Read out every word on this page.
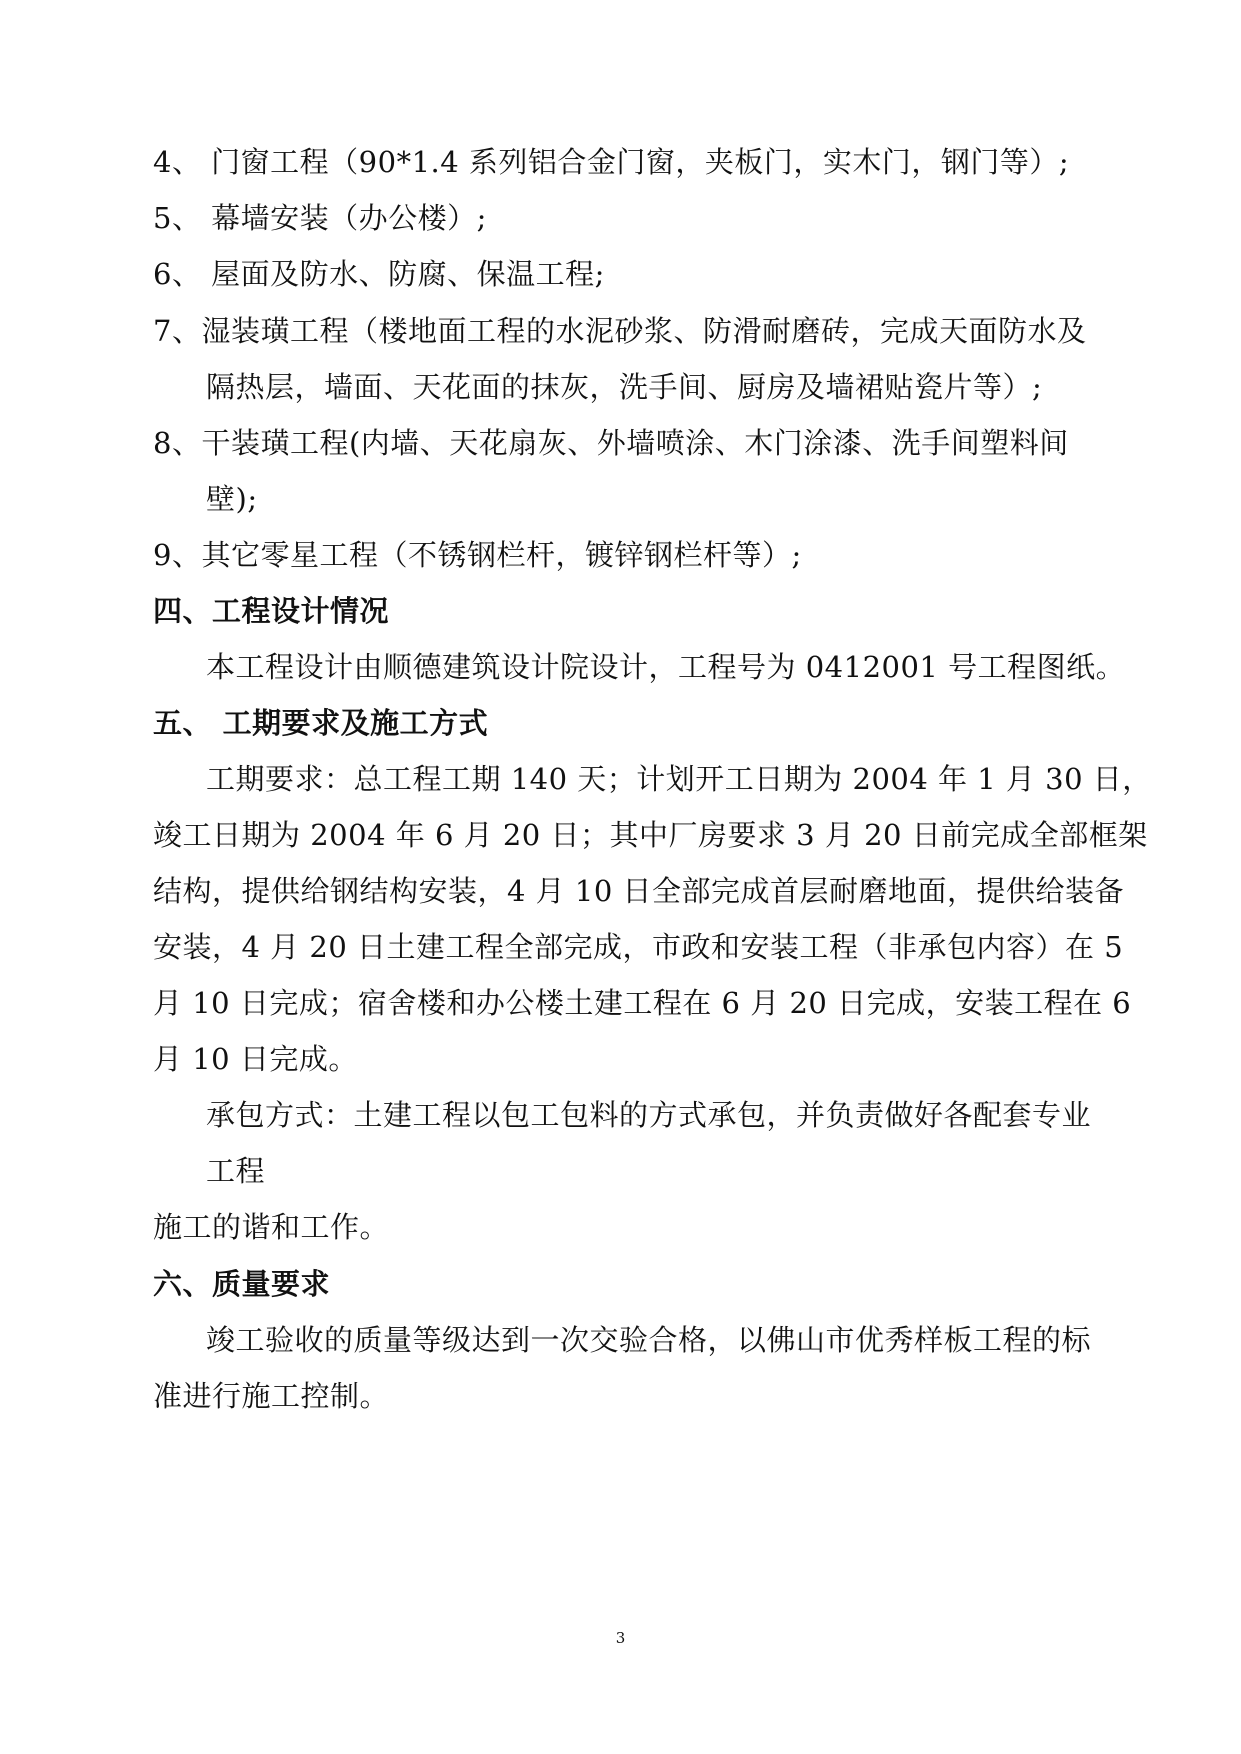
4、 门窗工程（90*1.4 系列铝合金门窗，夹板门，实木门，钢门等）;
5、 幕墙安装（办公楼）;
6、 屋面及防水、防腐、保温工程;
7、湿装璜工程（楼地面工程的水泥砂浆、防滑耐磨砖，完成天面防水及
隔热层，墙面、天花面的抹灰，洗手间、厨房及墙裙贴瓷片等）;
8、干装璜工程(内墙、天花扇灰、外墙喷涂、木门涂漆、洗手间塑料间
壁);
9、其它零星工程（不锈钢栏杆，镀锌钢栏杆等）;
四、工程设计情况
本工程设计由顺德建筑设计院设计，工程号为 0412001 号工程图纸。
五、 工期要求及施工方式
工期要求：总工程工期 140 天；计划开工日期为 2004 年 1 月 30 日，
竣工日期为 2004 年 6 月 20 日；其中厂房要求 3 月 20 日前完成全部框架
结构，提供给钢结构安装，4 月 10 日全部完成首层耐磨地面，提供给装备
安装，4 月 20 日土建工程全部完成，市政和安装工程（非承包内容）在 5
月 10 日完成；宿舍楼和办公楼土建工程在 6 月 20 日完成，安装工程在 6
月 10 日完成。
承包方式：土建工程以包工包料的方式承包，并负责做好各配套专业
工程
施工的谐和工作。
六、质量要求
竣工验收的质量等级达到一次交验合格，以佛山市优秀样板工程的标
准进行施工控制。
3
